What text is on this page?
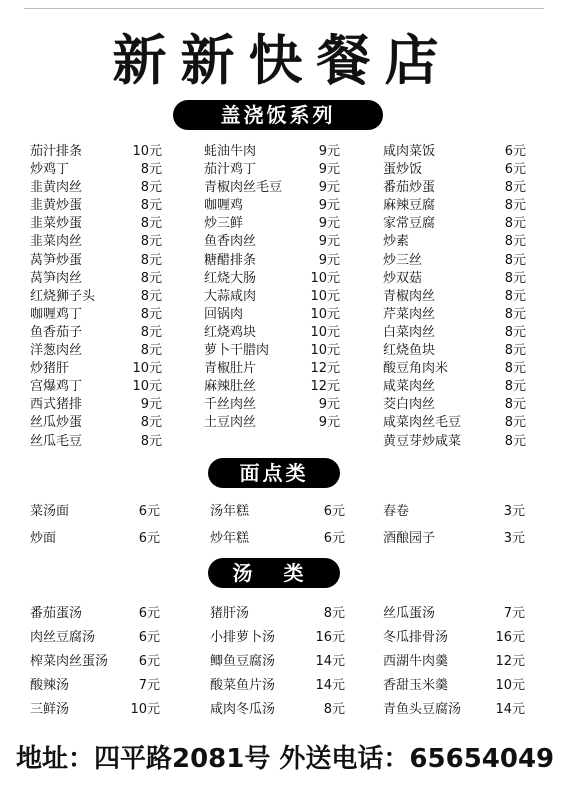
新新快餐店
盖浇饭系列
茄汁排条	10元
炒鸡丁	8元
韭黄肉丝	8元
韭黄炒蛋	8元
韭菜炒蛋	8元
韭菜肉丝	8元
莴笋炒蛋	8元
莴笋肉丝	8元
红烧狮子头	8元
咖喱鸡丁	8元
鱼香茄子	8元
洋葱肉丝	8元
炒猪肝	10元
宫爆鸡丁	10元
西式猪排	9元
丝瓜炒蛋	8元
丝瓜毛豆	8元
蚝油牛肉	9元
茄汁鸡丁	9元
青椒肉丝毛豆	9元
咖喱鸡	9元
炒三鲜	9元
鱼香肉丝	9元
糖醋排条	9元
红烧大肠	10元
大蒜咸肉	10元
回锅肉	10元
红烧鸡块	10元
萝卜干腊肉	10元
青椒肚片	12元
麻辣肚丝	12元
千丝肉丝	9元
土豆肉丝	9元
咸肉菜饭	6元
蛋炒饭	6元
番茄炒蛋	8元
麻辣豆腐	8元
家常豆腐	8元
炒素	8元
炒三丝	8元
炒双菇	8元
青椒肉丝	8元
芹菜肉丝	8元
白菜肉丝	8元
红烧鱼块	8元
酸豆角肉米	8元
咸菜肉丝	8元
茭白肉丝	8元
咸菜肉丝毛豆	8元
黄豆芽炒咸菜	8元
面点类
菜汤面	6元
炒面	6元
汤年糕	6元
炒年糕	6元
春卷	3元
酒酿园子	3元
汤 类
番茄蛋汤	6元
肉丝豆腐汤	6元
榨菜肉丝蛋汤 6元
酸辣汤	7元
三鲜汤	10元
猪肝汤	8元
小排萝卜汤	16元
鲫鱼豆腐汤	14元
酸菜鱼片汤	14元
咸肉冬瓜汤	8元
丝瓜蛋汤	7元
冬瓜排骨汤	16元
西湖牛肉羹	12元
香甜玉米羹	10元
青鱼头豆腐汤	14元
地址：四平路2081号 外送电话：65654049
